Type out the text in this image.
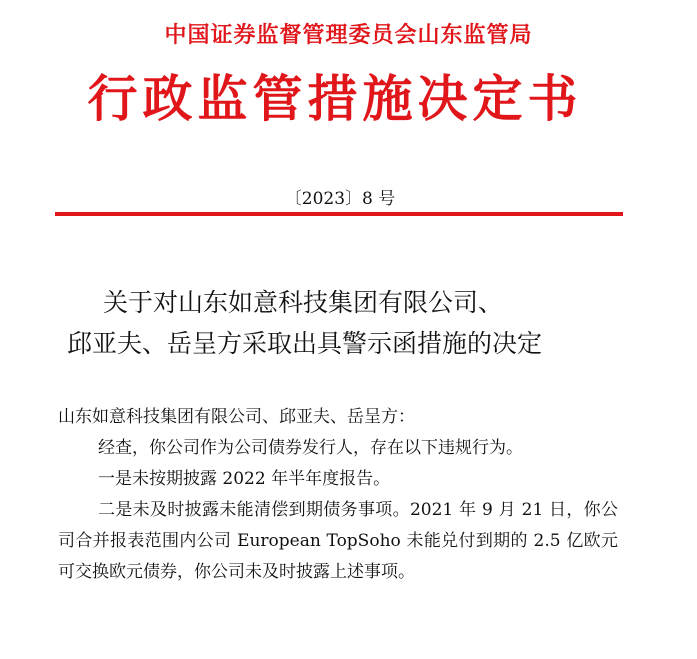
中国证券监督管理委员会山东监管局
行政监管措施决定书
〔2023〕8 号
关于对山东如意科技集团有限公司、
邱亚夫、岳呈方采取出具警示函措施的决定

山东如意科技集团有限公司、邱亚夫、岳呈方：

经查，你公司作为公司债券发行人，存在以下违规行为。

一是未按期披露 2022 年半年度报告。

二是未及时披露未能清偿到期债务事项。2021 年 9 月 21 日，你公司合并报表范围内公司 European TopSoho 未能兑付到期的 2.5 亿欧元可交换欧元债券，你公司未及时披露上述事项。
